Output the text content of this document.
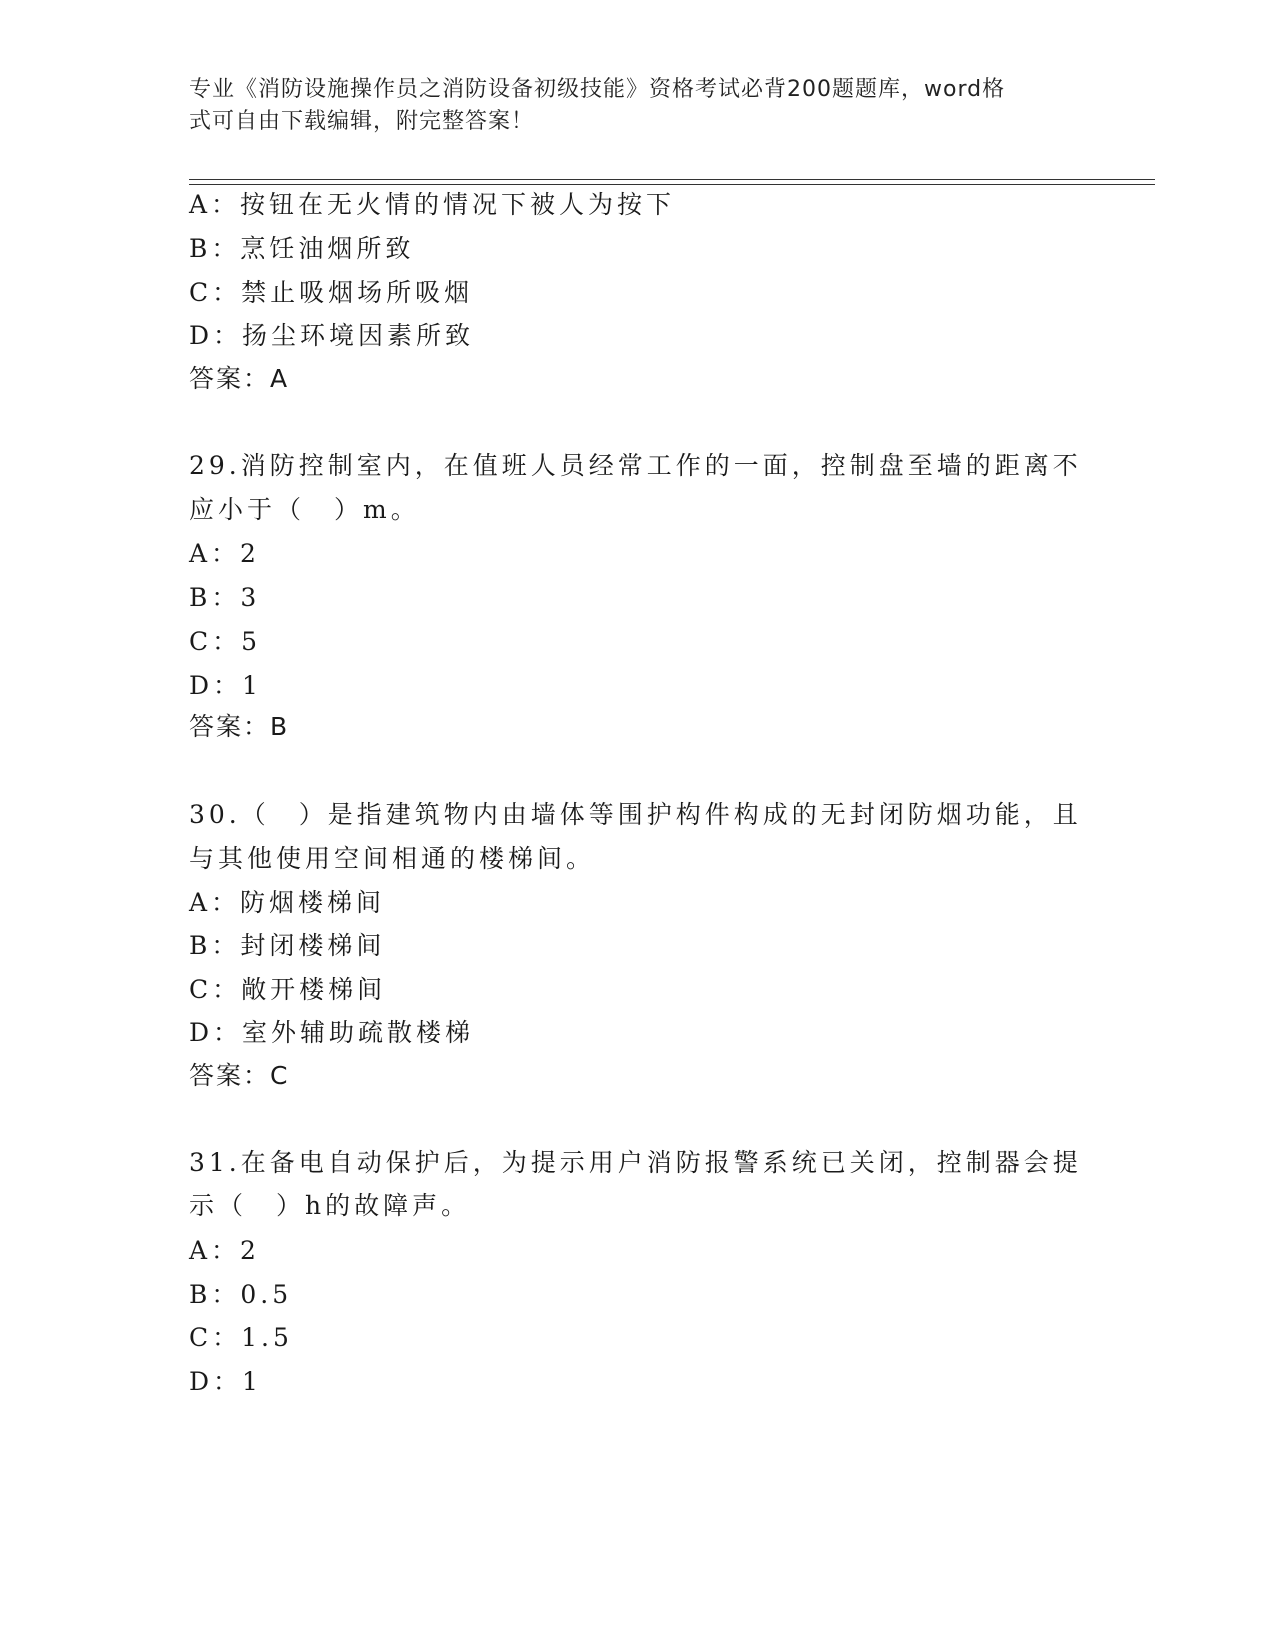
专业《消防设施操作员之消防设备初级技能》资格考试必背200题题库，word格
式可自由下载编辑，附完整答案！
A：按钮在无火情的情况下被人为按下
B：烹饪油烟所致
C：禁止吸烟场所吸烟
D：扬尘环境因素所致
答案：A
29.消防控制室内，在值班人员经常工作的一面，控制盘至墙的距离不
应小于（　）m。
A：2
B：3
C：5
D：1
答案：B
30.（　）是指建筑物内由墙体等围护构件构成的无封闭防烟功能，且
与其他使用空间相通的楼梯间。
A：防烟楼梯间
B：封闭楼梯间
C：敞开楼梯间
D：室外辅助疏散楼梯
答案：C
31.在备电自动保护后，为提示用户消防报警系统已关闭，控制器会提
示（　）h的故障声。
A：2
B：0.5
C：1.5
D：1
